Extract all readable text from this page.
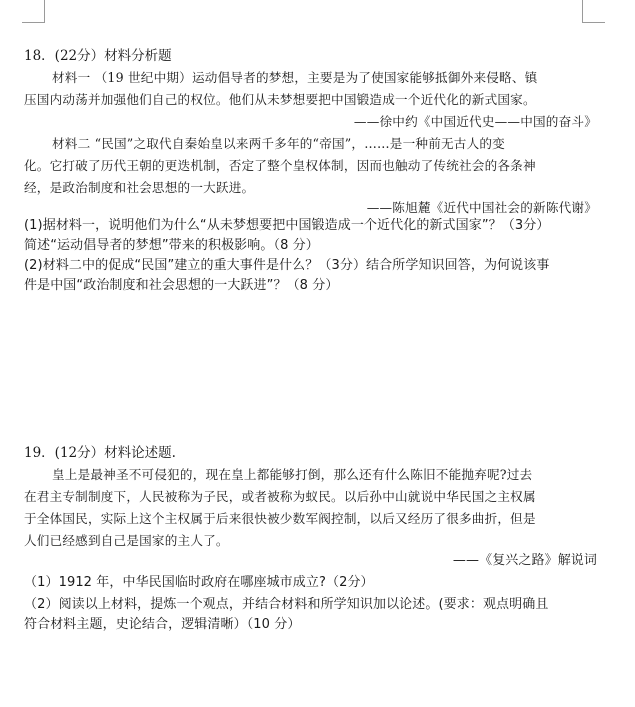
18．(22分）材料分析题
材料一 （19 世纪中期）运动倡导者的梦想，主要是为了使国家能够抵御外来侵略、镇
压国内动荡并加强他们自己的权位。他们从未梦想要把中国锻造成一个近代化的新式国家。
——徐中约《中国近代史——中国的奋斗》
材料二 “民国”之取代自秦始皇以来两千多年的“帝国”，……是一种前无古人的变
化。它打破了历代王朝的更迭机制，否定了整个皇权体制，因而也触动了传统社会的各条神
经，是政治制度和社会思想的一大跃进。
——陈旭麓《近代中国社会的新陈代谢》
(1)据材料一，说明他们为什么“从未梦想要把中国锻造成一个近代化的新式国家”？（3分）
简述“运动倡导者的梦想”带来的积极影响。（8 分）
(2)材料二中的促成“民国”建立的重大事件是什么？（3分）结合所学知识回答，为何说该事
件是中国“政治制度和社会思想的一大跃进”？（8 分）
19．(12分）材料论述题.
皇上是最神圣不可侵犯的，现在皇上都能够打倒，那么还有什么陈旧不能抛弃呢?过去
在君主专制制度下，人民被称为子民，或者被称为蚁民。以后孙中山就说中华民国之主权属
于全体国民，实际上这个主权属于后来很快被少数军阀控制，以后又经历了很多曲折，但是
人们已经感到自己是国家的主人了。
——《复兴之路》解说词
（1）1912 年，中华民国临时政府在哪座城市成立?（2分）
（2）阅读以上材料，提炼一个观点，并结合材料和所学知识加以论述。(要求：观点明确且
符合材料主题，史论结合，逻辑清晰）（10 分）
